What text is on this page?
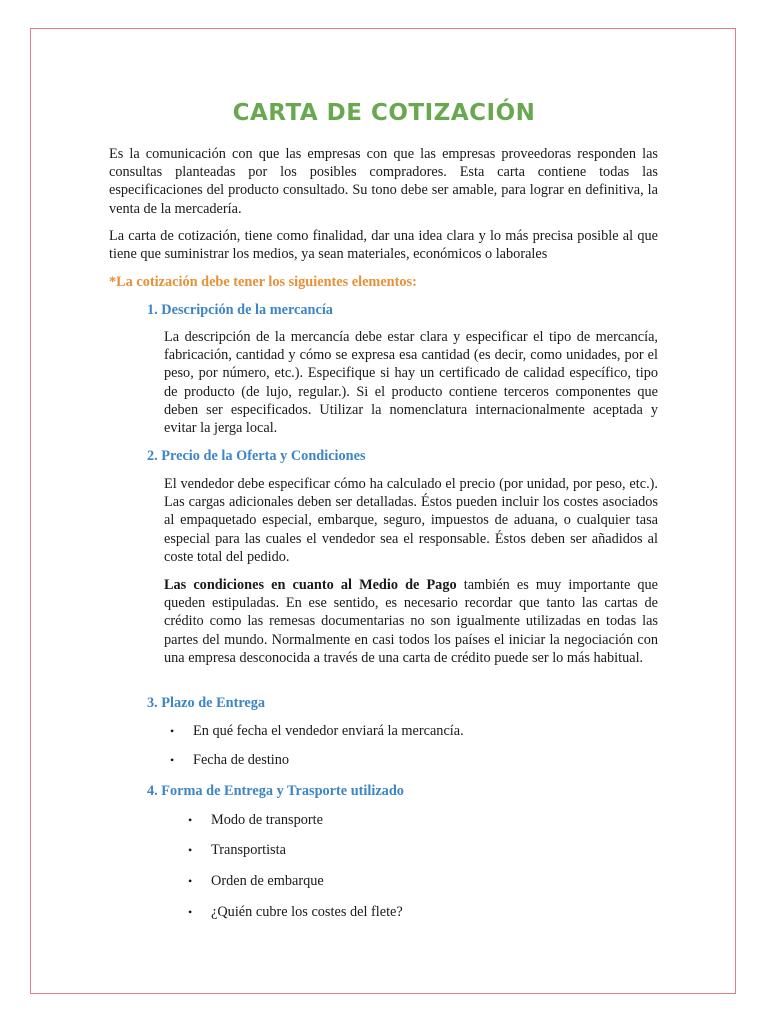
CARTA DE COTIZACIÓN
Es la comunicación con que las empresas con que las empresas proveedoras responden las consultas planteadas por los posibles compradores. Esta carta contiene todas las especificaciones del producto consultado. Su tono debe ser amable, para lograr en definitiva, la venta de la mercadería.
La carta de cotización, tiene como finalidad, dar una idea clara y lo más precisa posible al que tiene que suministrar los medios, ya sean materiales, económicos o laborales
*La cotización debe tener los siguientes elementos:
1. Descripción de la mercancía
La descripción de la mercancía debe estar clara y especificar el tipo de mercancía, fabricación, cantidad y cómo se expresa esa cantidad (es decir, como unidades, por el peso, por número, etc.). Especifique si hay un certificado de calidad específico, tipo de producto (de lujo, regular.). Si el producto contiene terceros componentes que deben ser especificados. Utilizar la nomenclatura internacionalmente aceptada y evitar la jerga local.
2. Precio de la Oferta y Condiciones
El vendedor debe especificar cómo ha calculado el precio (por unidad, por peso, etc.). Las cargas adicionales deben ser detalladas. Éstos pueden incluir los costes asociados al empaquetado especial, embarque, seguro, impuestos de aduana, o cualquier tasa especial para las cuales el vendedor sea el responsable. Éstos deben ser añadidos al coste total del pedido.
Las condiciones en cuanto al Medio de Pago también es muy importante que queden estipuladas. En ese sentido, es necesario recordar que tanto las cartas de crédito como las remesas documentarias no son igualmente utilizadas en todas las partes del mundo. Normalmente en casi todos los países el iniciar la negociación con una empresa desconocida a través de una carta de crédito puede ser lo más habitual.
3. Plazo de Entrega
• En qué fecha el vendedor enviará la mercancía.
• Fecha de destino
4. Forma de Entrega y Trasporte utilizado
• Modo de transporte
• Transportista
• Orden de embarque
• ¿Quién cubre los costes del flete?
